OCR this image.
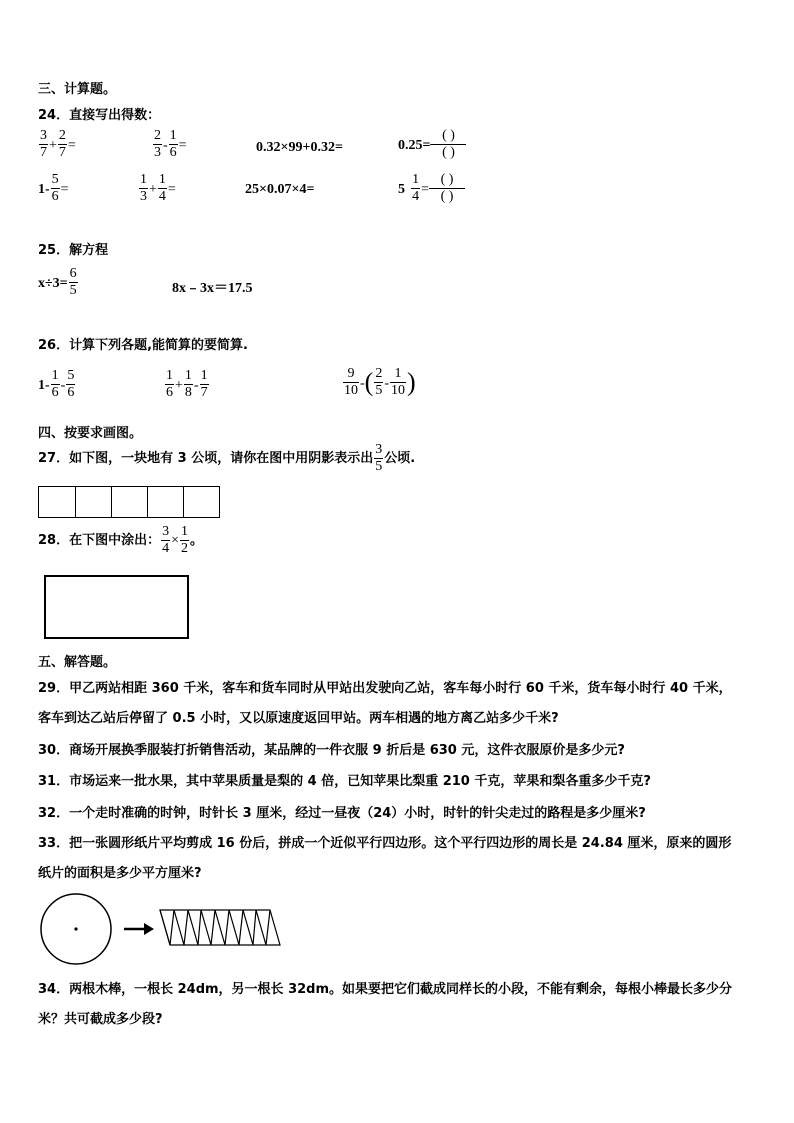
三、计算题。
24．直接写出得数：
$\frac{3}{7} + \frac{2}{7}$ =	$\frac{2}{3} - \frac{1}{6}$ =	0.32×99+0.32=	$0.25= \frac{( )}{( )}$
$1- \frac{5}{6}$ =	$\frac{1}{3} + \frac{1}{4}$ =	25×0.07×4=	$5 \frac{1}{4} = \frac{( )}{( )}$
25．解方程
$x\div 3= \frac{6}{5}$	8x﹣3x＝17.5
26．计算下列各题,能简算的要简算.
$1- \frac{1}{6} - \frac{5}{6}$	$\frac{1}{6} + \frac{1}{8} - \frac{1}{7}$	$\frac{9}{10}$ -( $\frac{2}{5} - \frac{1}{10}$ )
四、按要求画图。
27．如下图，一块地有 3 公顷，请你在图中用阴影表示出 $\frac{3}{5}$ 公顷.
28．在下图中涂出： $\frac{3}{4} \times \frac{1}{2}$ 。
五、解答题。
29．甲乙两站相距 360 千米，客车和货车同时从甲站出发驶向乙站，客车每小时行 60 千米，货车每小时行 40 千米，
客车到达乙站后停留了 0.5 小时，又以原速度返回甲站。两车相遇的地方离乙站多少千米?
30．商场开展换季服装打折销售活动，某品牌的一件衣服 9 折后是 630 元，这件衣服原价是多少元?
31．市场运来一批水果，其中苹果质量是梨的 4 倍，已知苹果比梨重 210 千克，苹果和梨各重多少千克?
32．一个走时准确的时钟，时针长 3 厘米，经过一昼夜（24）小时，时针的针尖走过的路程是多少厘米?
33．把一张圆形纸片平均剪成 16 份后，拼成一个近似平行四边形。这个平行四边形的周长是 24.84 厘米，原来的圆形
纸片的面积是多少平方厘米?
34．两根木棒，一根长 24dm，另一根长 32dm。如果要把它们截成同样长的小段，不能有剩余，每根小棒最长多少分
米？共可截成多少段?
